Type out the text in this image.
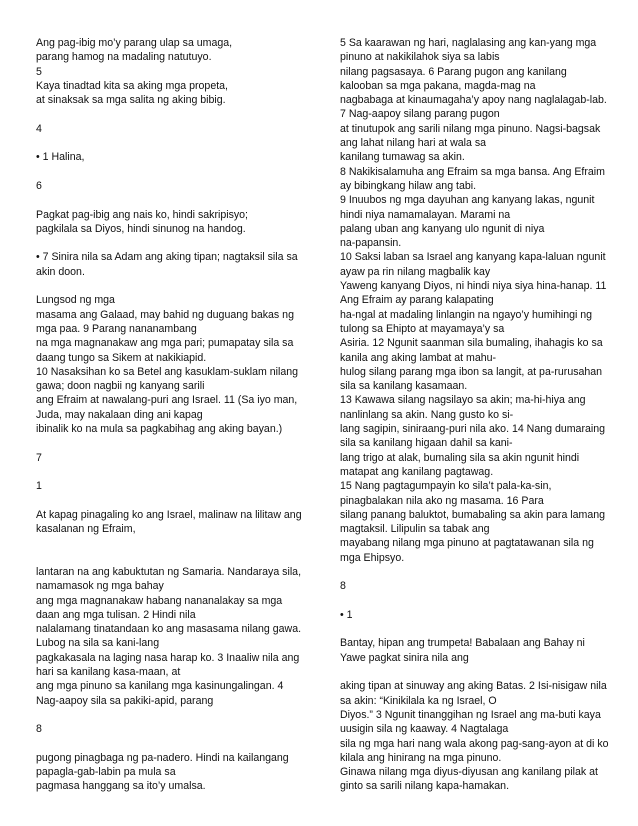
Ang pag-ibig mo’y parang ulap sa umaga,
parang hamog na madaling natutuyo.
5
Kaya tinadtad kita sa aking mga propeta,
at sinaksak sa mga salita ng aking bibig.
4
• 1 Halina,
6
Pagkat pag-ibig ang nais ko, hindi sakripisyo;
pagkilala sa Diyos, hindi sinunog na handog.
• 7 Sinira nila sa Adam ang aking tipan; nagtaksil sila sa
akin doon.
Lungsod ng mga
masama ang Galaad, may bahid ng duguang bakas ng
mga paa. 9 Parang nananambang
na mga magnanakaw ang mga pari; pumapatay sila sa
daang tungo sa Sikem at nakikiapid.
10 Nasaksihan ko sa Betel ang kasuklam-suklam nilang
gawa; doon nagbii ng kanyang sarili
ang Efraim at nawalang-puri ang Israel. 11 (Sa iyo man,
Juda, may nakalaan ding ani kapag
ibinalik ko na mula sa pagkabihag ang aking bayan.)
7
1
At kapag pinagaling ko ang Israel, malinaw na lilitaw ang
kasalanan ng Efraim,
lantaran na ang kabuktutan ng Samaria. Nandaraya sila,
namamasok ng mga bahay
ang mga magnanakaw habang nananalakay sa mga
daan ang mga tulisan. 2 Hindi nila
nalalamang tinatandaan ko ang masasama nilang gawa.
Lubog na sila sa kani-lang
pagkakasala na laging nasa harap ko. 3 Inaaliw nila ang
hari sa kanilang kasa-maan, at
ang mga pinuno sa kanilang mga kasinungalingan. 4
Nag-aapoy sila sa pakiki-apid, parang
8
pugong pinagbaga ng pa-nadero. Hindi na kailangang
papagla-gab-labin pa mula sa
pagmasa hanggang sa ito’y umalsa.
5 Sa kaarawan ng hari, naglalasing ang kan-yang mga
pinuno at nakikilahok siya sa labis
nilang pagsasaya. 6 Parang pugon ang kanilang
kalooban sa mga pakana, magda-mag na
nagbabaga at kinaumagaha’y apoy nang naglalagab-lab.
7 Nag-aapoy silang parang pugon
at tinutupok ang sarili nilang mga pinuno. Nagsi-bagsak
ang lahat nilang hari at wala sa
kanilang tumawag sa akin.
8 Nakikisalamuha ang Efraim sa mga bansa. Ang Efraim
ay bibingkang hilaw ang tabi.
9 Inuubos ng mga dayuhan ang kanyang lakas, ngunit
hindi niya namamalayan. Marami na
palang uban ang kanyang ulo ngunit di niya
na-papansin.
10 Saksi laban sa Israel ang kanyang kapa-laluan ngunit
ayaw pa rin nilang magbalik kay
Yaweng kanyang Diyos, ni hindi niya siya hina-hanap. 11
Ang Efraim ay parang kalapating
ha-ngal at madaling linlangin na ngayo’y humihingi ng
tulong sa Ehipto at mayamaya’y sa
Asiria. 12 Ngunit saanman sila bumaling, ihahagis ko sa
kanila ang aking lambat at mahu-
hulog silang parang mga ibon sa langit, at pa-rurusahan
sila sa kanilang kasamaan.
13 Kawawa silang nagsilayo sa akin; ma-hi-hiya ang
nanlinlang sa akin. Nang gusto ko si-
lang sagipin, siniraang-puri nila ako. 14 Nang dumaraing
sila sa kanilang higaan dahil sa kani-
lang trigo at alak, bumaling sila sa akin ngunit hindi
matapat ang kanilang pagtawag.
15 Nang pagtagumpayin ko sila’t pala-ka-sin,
pinagbalakan nila ako ng masama. 16 Para
silang panang baluktot, bumabaling sa akin para lamang
magtaksil. Lilipulin sa tabak ang
mayabang nilang mga pinuno at pagtatawanan sila ng
mga Ehipsyo.
8
• 1
Bantay, hipan ang trumpeta! Babalaan ang Bahay ni
Yawe pagkat sinira nila ang
aking tipan at sinuway ang aking Batas. 2 Isi-nisigaw nila
sa akin: “Kinikilala ka ng Israel, O
Diyos.” 3 Ngunit tinanggihan ng Israel ang ma-buti kaya
uusigin sila ng kaaway. 4 Nagtalaga
sila ng mga hari nang wala akong pag-sang-ayon at di ko
kilala ang hinirang na mga pinuno.
Ginawa nilang mga diyus-diyusan ang kanilang pilak at
ginto sa sarili nilang kapa-hamakan.
